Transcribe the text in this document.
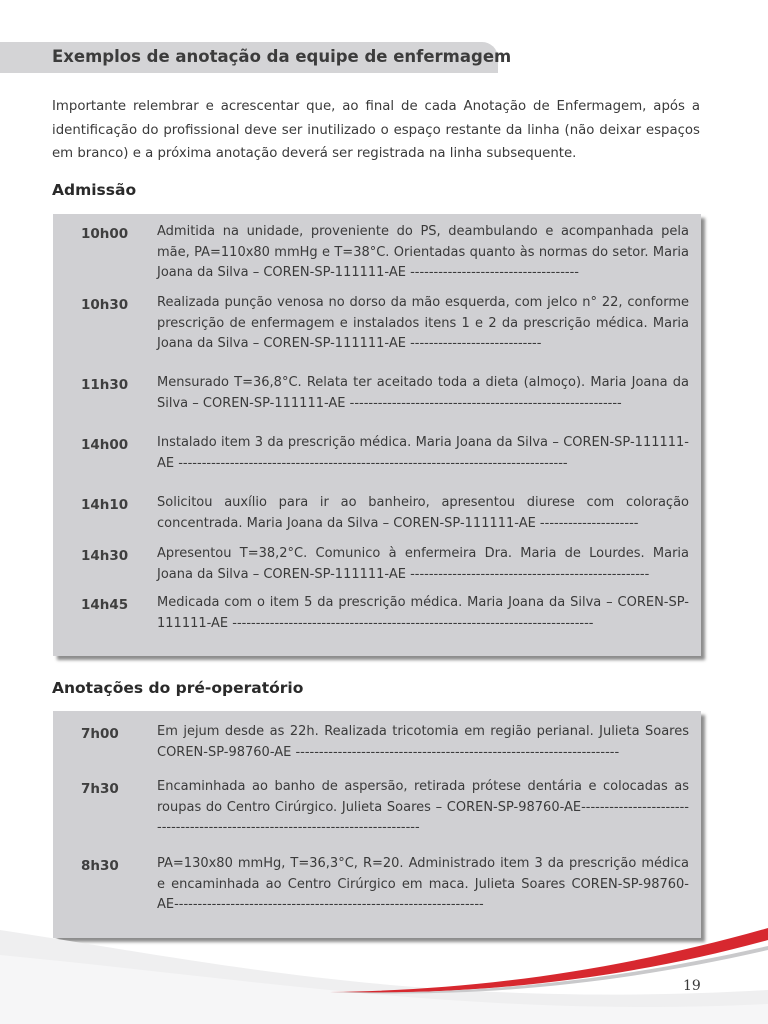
Exemplos de anotação da equipe de enfermagem
Importante relembrar e acrescentar que, ao final de cada Anotação de Enfermagem, após a identificação do profissional deve ser inutilizado o espaço restante da linha (não deixar espaços em branco) e a próxima anotação deverá ser registrada na linha subsequente.
Admissão
10h00	Admitida na unidade, proveniente do PS, deambulando e acompanhada pela mãe, PA=110x80 mmHg e T=38°C. Orientadas quanto às normas do setor. Maria Joana da Silva – COREN-SP-111111-AE ------------------------------------
10h30	Realizada punção venosa no dorso da mão esquerda, com jelco n° 22, conforme prescrição de enfermagem e instalados itens 1 e 2 da prescrição médica. Maria Joana da Silva – COREN-SP-111111-AE ----------------------------
11h30	Mensurado T=36,8°C. Relata ter aceitado toda a dieta (almoço). Maria Joana da Silva – COREN-SP-111111-AE ----------------------------------------------------------
14h00	Instalado item 3 da prescrição médica. Maria Joana da Silva – COREN-SP-111111-AE -----------------------------------------------------------------------------------
14h10	Solicitou auxílio para ir ao banheiro, apresentou diurese com coloração concentrada. Maria Joana da Silva – COREN-SP-111111-AE ---------------------
14h30	Apresentou T=38,2°C. Comunico à enfermeira Dra. Maria de Lourdes. Maria Joana da Silva – COREN-SP-111111-AE ---------------------------------------------------
14h45	Medicada com o item 5 da prescrição médica. Maria Joana da Silva – COREN-SP-111111-AE -----------------------------------------------------------------------------
Anotações do pré-operatório
7h00	Em jejum desde as 22h. Realizada tricotomia em região perianal. Julieta Soares COREN-SP-98760-AE ---------------------------------------------------------------------
7h30	Encaminhada ao banho de aspersão, retirada prótese dentária e colocadas as roupas do Centro Cirúrgico. Julieta Soares – COREN-SP-98760-AE-------------------------------------------------------------------------------
8h30	PA=130x80 mmHg, T=36,3°C, R=20. Administrado item 3 da prescrição médica e encaminhada ao Centro Cirúrgico em maca. Julieta Soares COREN-SP-98760-AE------------------------------------------------------------------
19
